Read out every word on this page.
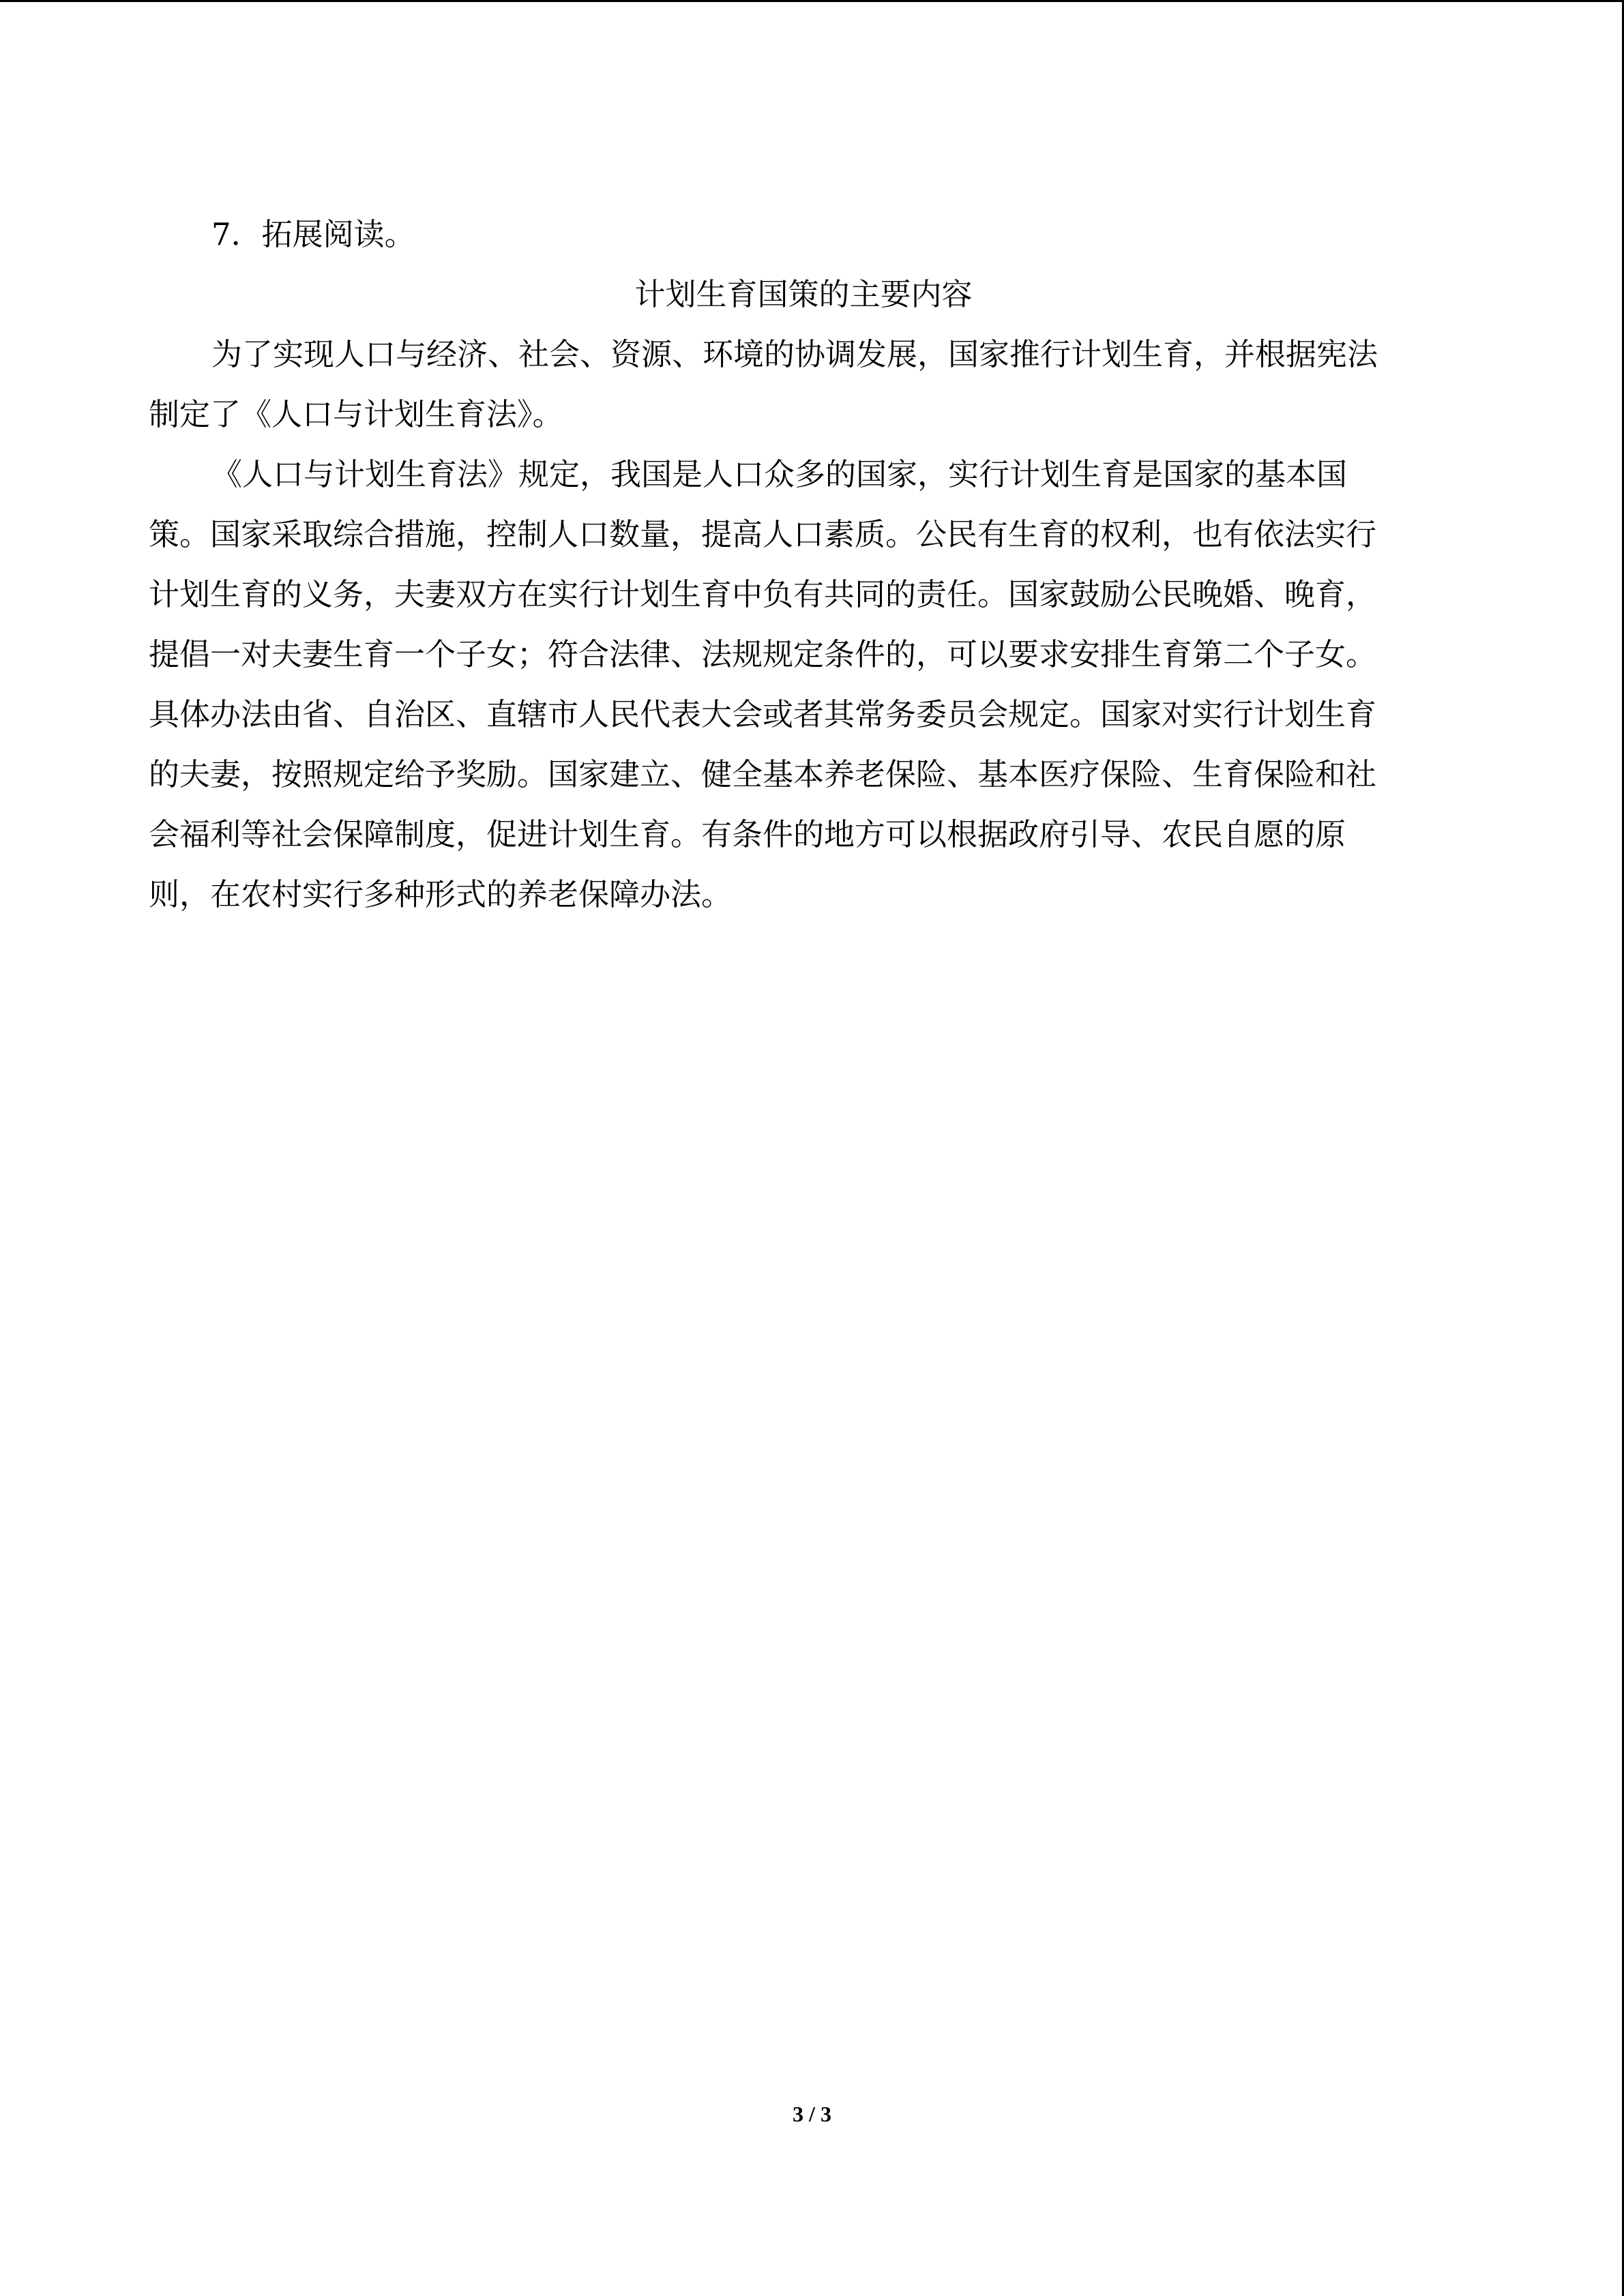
7．拓展阅读。
计划生育国策的主要内容
为了实现人口与经济、社会、资源、环境的协调发展，国家推行计划生育，并根据宪法
制定了《人口与计划生育法》。
《人口与计划生育法》规定，我国是人口众多的国家，实行计划生育是国家的基本国
策。国家采取综合措施，控制人口数量，提高人口素质。公民有生育的权利，也有依法实行
计划生育的义务，夫妻双方在实行计划生育中负有共同的责任。国家鼓励公民晚婚、晚育，
提倡一对夫妻生育一个子女；符合法律、法规规定条件的，可以要求安排生育第二个子女。
具体办法由省、自治区、直辖市人民代表大会或者其常务委员会规定。国家对实行计划生育
的夫妻，按照规定给予奖励。国家建立、健全基本养老保险、基本医疗保险、生育保险和社
会福利等社会保障制度，促进计划生育。有条件的地方可以根据政府引导、农民自愿的原
则，在农村实行多种形式的养老保障办法。
3 / 3
